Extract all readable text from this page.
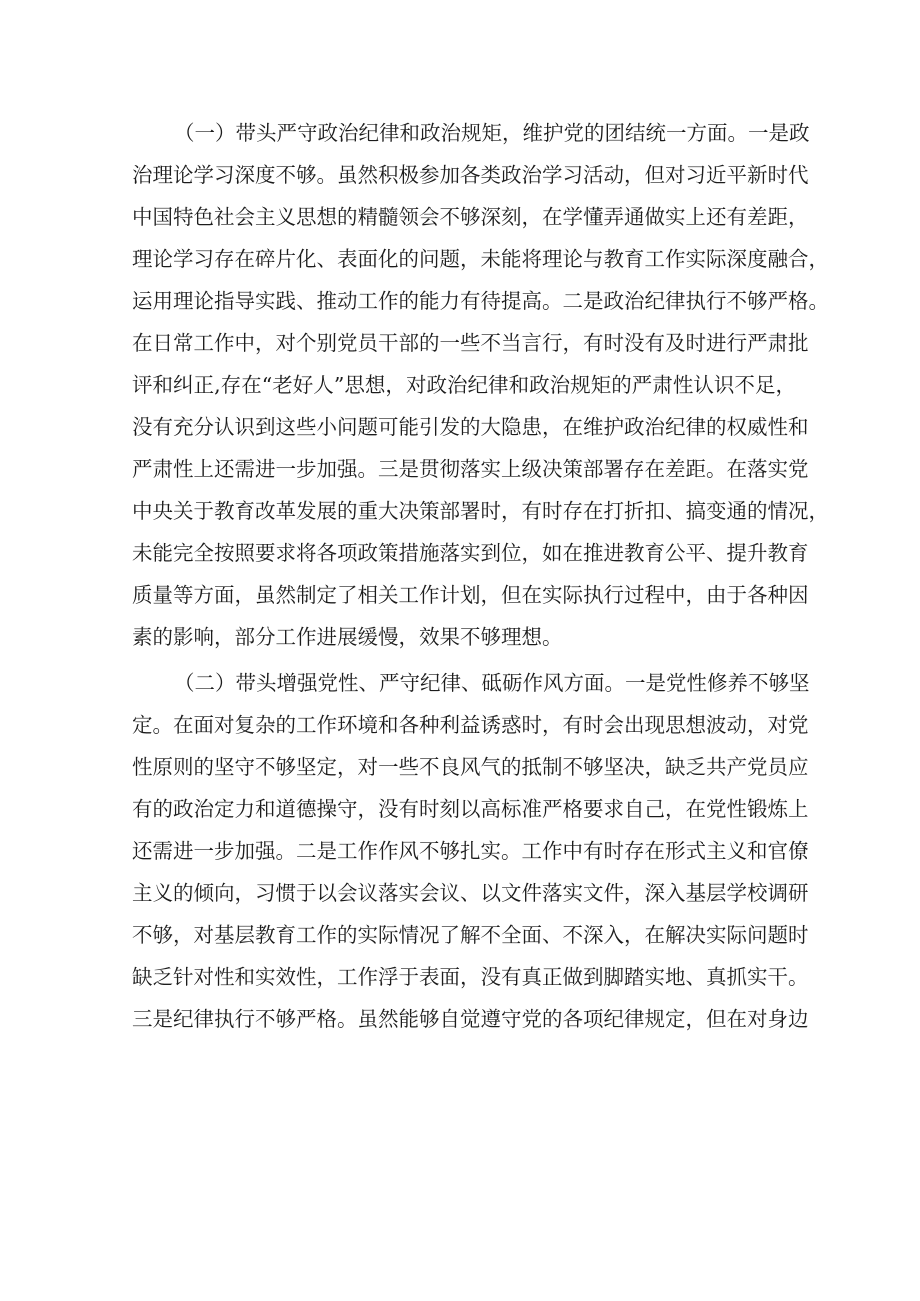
（一）带头严守政治纪律和政治规矩，维护党的团结统一方面。一是政
治理论学习深度不够。虽然积极参加各类政治学习活动，但对习近平新时代
中国特色社会主义思想的精髓领会不够深刻，在学懂弄通做实上还有差距，
理论学习存在碎片化、表面化的问题，未能将理论与教育工作实际深度融合，
运用理论指导实践、推动工作的能力有待提高。二是政治纪律执行不够严格。
在日常工作中，对个别党员干部的一些不当言行，有时没有及时进行严肃批
评和纠正,存在“老好人”思想，对政治纪律和政治规矩的严肃性认识不足，
没有充分认识到这些小问题可能引发的大隐患，在维护政治纪律的权威性和
严肃性上还需进一步加强。三是贯彻落实上级决策部署存在差距。在落实党
中央关于教育改革发展的重大决策部署时，有时存在打折扣、搞变通的情况，
未能完全按照要求将各项政策措施落实到位，如在推进教育公平、提升教育
质量等方面，虽然制定了相关工作计划，但在实际执行过程中，由于各种因
素的影响，部分工作进展缓慢，效果不够理想。
（二）带头增强党性、严守纪律、砥砺作风方面。一是党性修养不够坚
定。在面对复杂的工作环境和各种利益诱惑时，有时会出现思想波动，对党
性原则的坚守不够坚定，对一些不良风气的抵制不够坚决，缺乏共产党员应
有的政治定力和道德操守，没有时刻以高标准严格要求自己，在党性锻炼上
还需进一步加强。二是工作作风不够扎实。工作中有时存在形式主义和官僚
主义的倾向，习惯于以会议落实会议、以文件落实文件，深入基层学校调研
不够，对基层教育工作的实际情况了解不全面、不深入，在解决实际问题时
缺乏针对性和实效性，工作浮于表面，没有真正做到脚踏实地、真抓实干。
三是纪律执行不够严格。虽然能够自觉遵守党的各项纪律规定，但在对身边
